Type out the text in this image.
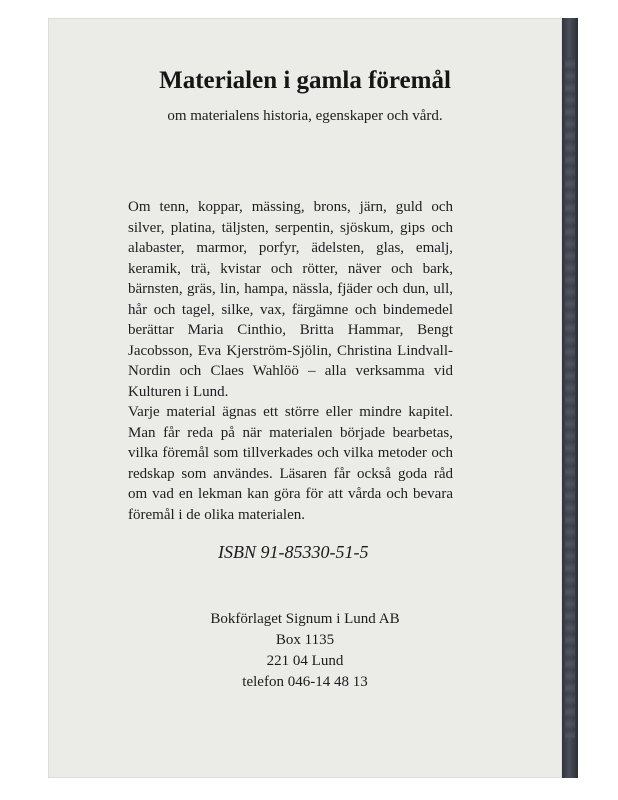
Materialen i gamla föremål
om materialens historia, egenskaper och vård.

Om tenn, koppar, mässing, brons, järn, guld och silver, platina, täljsten, serpentin, sjöskum, gips och alabaster, marmor, porfyr, ädelsten, glas, emalj, keramik, trä, kvistar och rötter, näver och bark, bärnsten, gräs, lin, hampa, nässla, fjäder och dun, ull, hår och tagel, silke, vax, färgämne och bindemedel berättar Maria Cinthio, Britta Hammar, Bengt Jacobsson, Eva Kjerström-Sjölin, Christina Lindvall-Nordin och Claes Wahlöö – alla verksamma vid Kulturen i Lund.

Varje material ägnas ett större eller mindre kapitel. Man får reda på när materialen började bearbetas, vilka föremål som tillverkades och vilka metoder och redskap som användes. Läsaren får också goda råd om vad en lekman kan göra för att vårda och bevara föremål i de olika materialen.

ISBN 91-85330-51-5
Bokförlaget Signum i Lund AB
Box 1135
221 04 Lund
telefon 046-14 48 13
